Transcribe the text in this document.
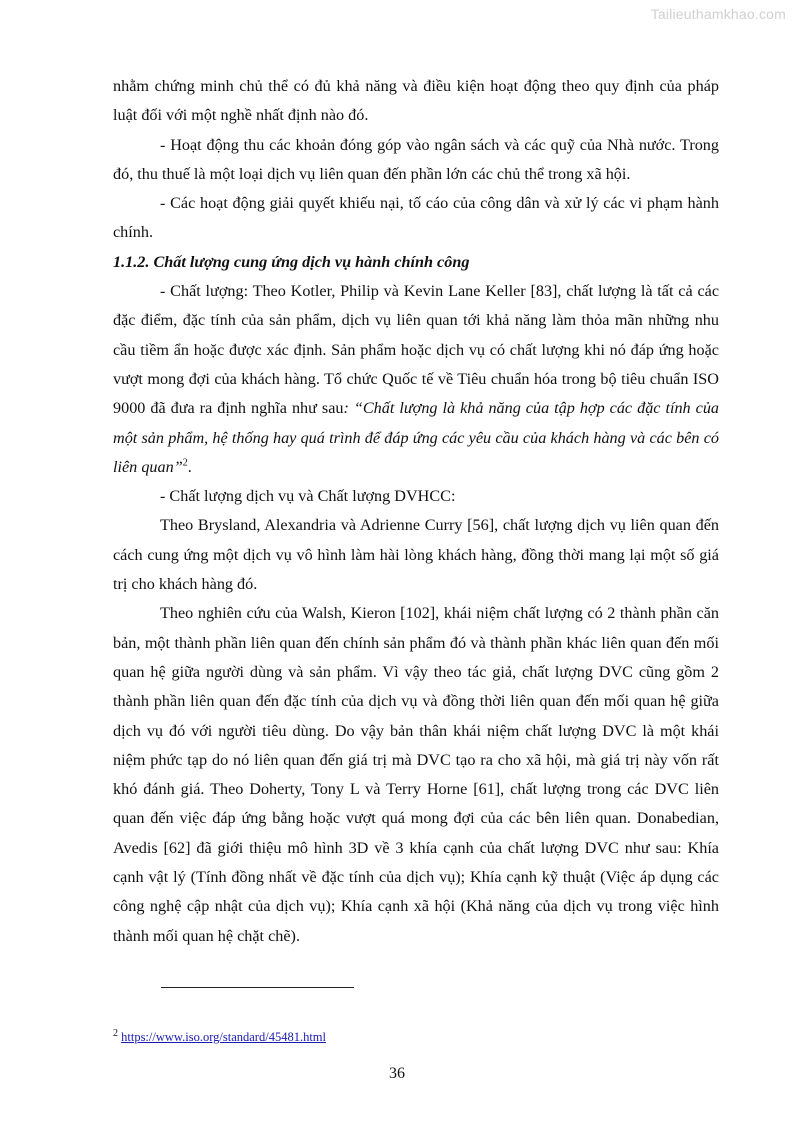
Tailieuthamkhao.com

nhằm chứng minh chủ thể có đủ khả năng và điều kiện hoạt động theo quy định của pháp luật đối với một nghề nhất định nào đó.

- Hoạt động thu các khoản đóng góp vào ngân sách và các quỹ của Nhà nước. Trong đó, thu thuế là một loại dịch vụ liên quan đến phần lớn các chủ thể trong xã hội.

- Các hoạt động giải quyết khiếu nại, tố cáo của công dân và xử lý các vi phạm hành chính.

1.1.2. Chất lượng cung ứng dịch vụ hành chính công

- Chất lượng: Theo Kotler, Philip và Kevin Lane Keller [83], chất lượng là tất cả các đặc điểm, đặc tính của sản phẩm, dịch vụ liên quan tới khả năng làm thỏa mãn những nhu cầu tiềm ẩn hoặc được xác định. Sản phẩm hoặc dịch vụ có chất lượng khi nó đáp ứng hoặc vượt mong đợi của khách hàng. Tổ chức Quốc tế về Tiêu chuẩn hóa trong bộ tiêu chuẩn ISO 9000 đã đưa ra định nghĩa như sau: “Chất lượng là khả năng của tập hợp các đặc tính của một sản phẩm, hệ thống hay quá trình để đáp ứng các yêu cầu của khách hàng và các bên có liên quan”$^2$.

- Chất lượng dịch vụ và Chất lượng DVHCC:

Theo Brysland, Alexandria và Adrienne Curry [56], chất lượng dịch vụ liên quan đến cách cung ứng một dịch vụ vô hình làm hài lòng khách hàng, đồng thời mang lại một số giá trị cho khách hàng đó.

Theo nghiên cứu của Walsh, Kieron [102], khái niệm chất lượng có 2 thành phần căn bản, một thành phần liên quan đến chính sản phẩm đó và thành phần khác liên quan đến mối quan hệ giữa người dùng và sản phẩm. Vì vậy theo tác giả, chất lượng DVC cũng gồm 2 thành phần liên quan đến đặc tính của dịch vụ và đồng thời liên quan đến mối quan hệ giữa dịch vụ đó với người tiêu dùng. Do vậy bản thân khái niệm chất lượng DVC là một khái niệm phức tạp do nó liên quan đến giá trị mà DVC tạo ra cho xã hội, mà giá trị này vốn rất khó đánh giá. Theo Doherty, Tony L và Terry Horne [61], chất lượng trong các DVC liên quan đến việc đáp ứng bằng hoặc vượt quá mong đợi của các bên liên quan. Donabedian, Avedis [62] đã giới thiệu mô hình 3D về 3 khía cạnh của chất lượng DVC như sau: Khía cạnh vật lý (Tính đồng nhất về đặc tính của dịch vụ); Khía cạnh kỹ thuật (Việc áp dụng các công nghệ cập nhật của dịch vụ); Khía cạnh xã hội (Khả năng của dịch vụ trong việc hình thành mối quan hệ chặt chẽ).

$^2$ https://www.iso.org/standard/45481.html
36
